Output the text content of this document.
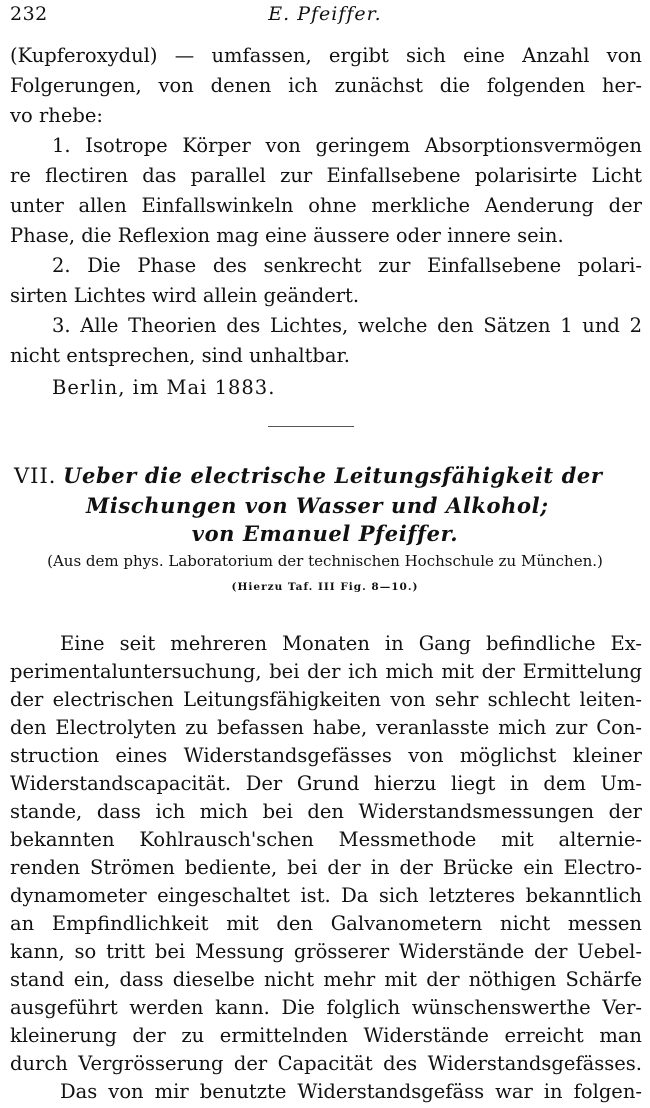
232	E. Pfeiffer.
(Kupferoxydul) — umfassen, ergibt sich eine Anzahl von
Folgerungen, von denen ich zunächst die folgenden her-
vo rhebe:
1. Isotrope Körper von geringem Absorptionsvermögen
re flectiren das parallel zur Einfallsebene polarisirte Licht
unter allen Einfallswinkeln ohne merkliche Aenderung der
Phase, die Reflexion mag eine äussere oder innere sein.
2. Die Phase des senkrecht zur Einfallsebene polari-
sirten Lichtes wird allein geändert.
3. Alle Theorien des Lichtes, welche den Sätzen 1 und 2
nicht entsprechen, sind unhaltbar.
Berlin, im Mai 1883.
VII. Ueber die electrische Leitungsfähigkeit der
Mischungen von Wasser und Alkohol;
von Emanuel Pfeiffer.
(Aus dem phys. Laboratorium der technischen Hochschule zu München.)
(Hierzu Taf. III Fig. 8—10.)
Eine seit mehreren Monaten in Gang befindliche Ex-
perimentaluntersuchung, bei der ich mich mit der Ermittelung
der electrischen Leitungsfähigkeiten von sehr schlecht leiten-
den Electrolyten zu befassen habe, veranlasste mich zur Con-
struction eines Widerstandsgefässes von möglichst kleiner
Widerstandscapacität. Der Grund hierzu liegt in dem Um-
stande, dass ich mich bei den Widerstandsmessungen der
bekannten Kohlrausch'schen Messmethode mit alternie-
renden Strömen bediente, bei der in der Brücke ein Electro-
dynamometer eingeschaltet ist. Da sich letzteres bekanntlich
an Empfindlichkeit mit den Galvanometern nicht messen
kann, so tritt bei Messung grösserer Widerstände der Uebel-
stand ein, dass dieselbe nicht mehr mit der nöthigen Schärfe
ausgeführt werden kann. Die folglich wünschenswerthe Ver-
kleinerung der zu ermittelnden Widerstände erreicht man
durch Vergrösserung der Capacität des Widerstandsgefässes.
Das von mir benutzte Widerstandsgefäss war in folgen-
